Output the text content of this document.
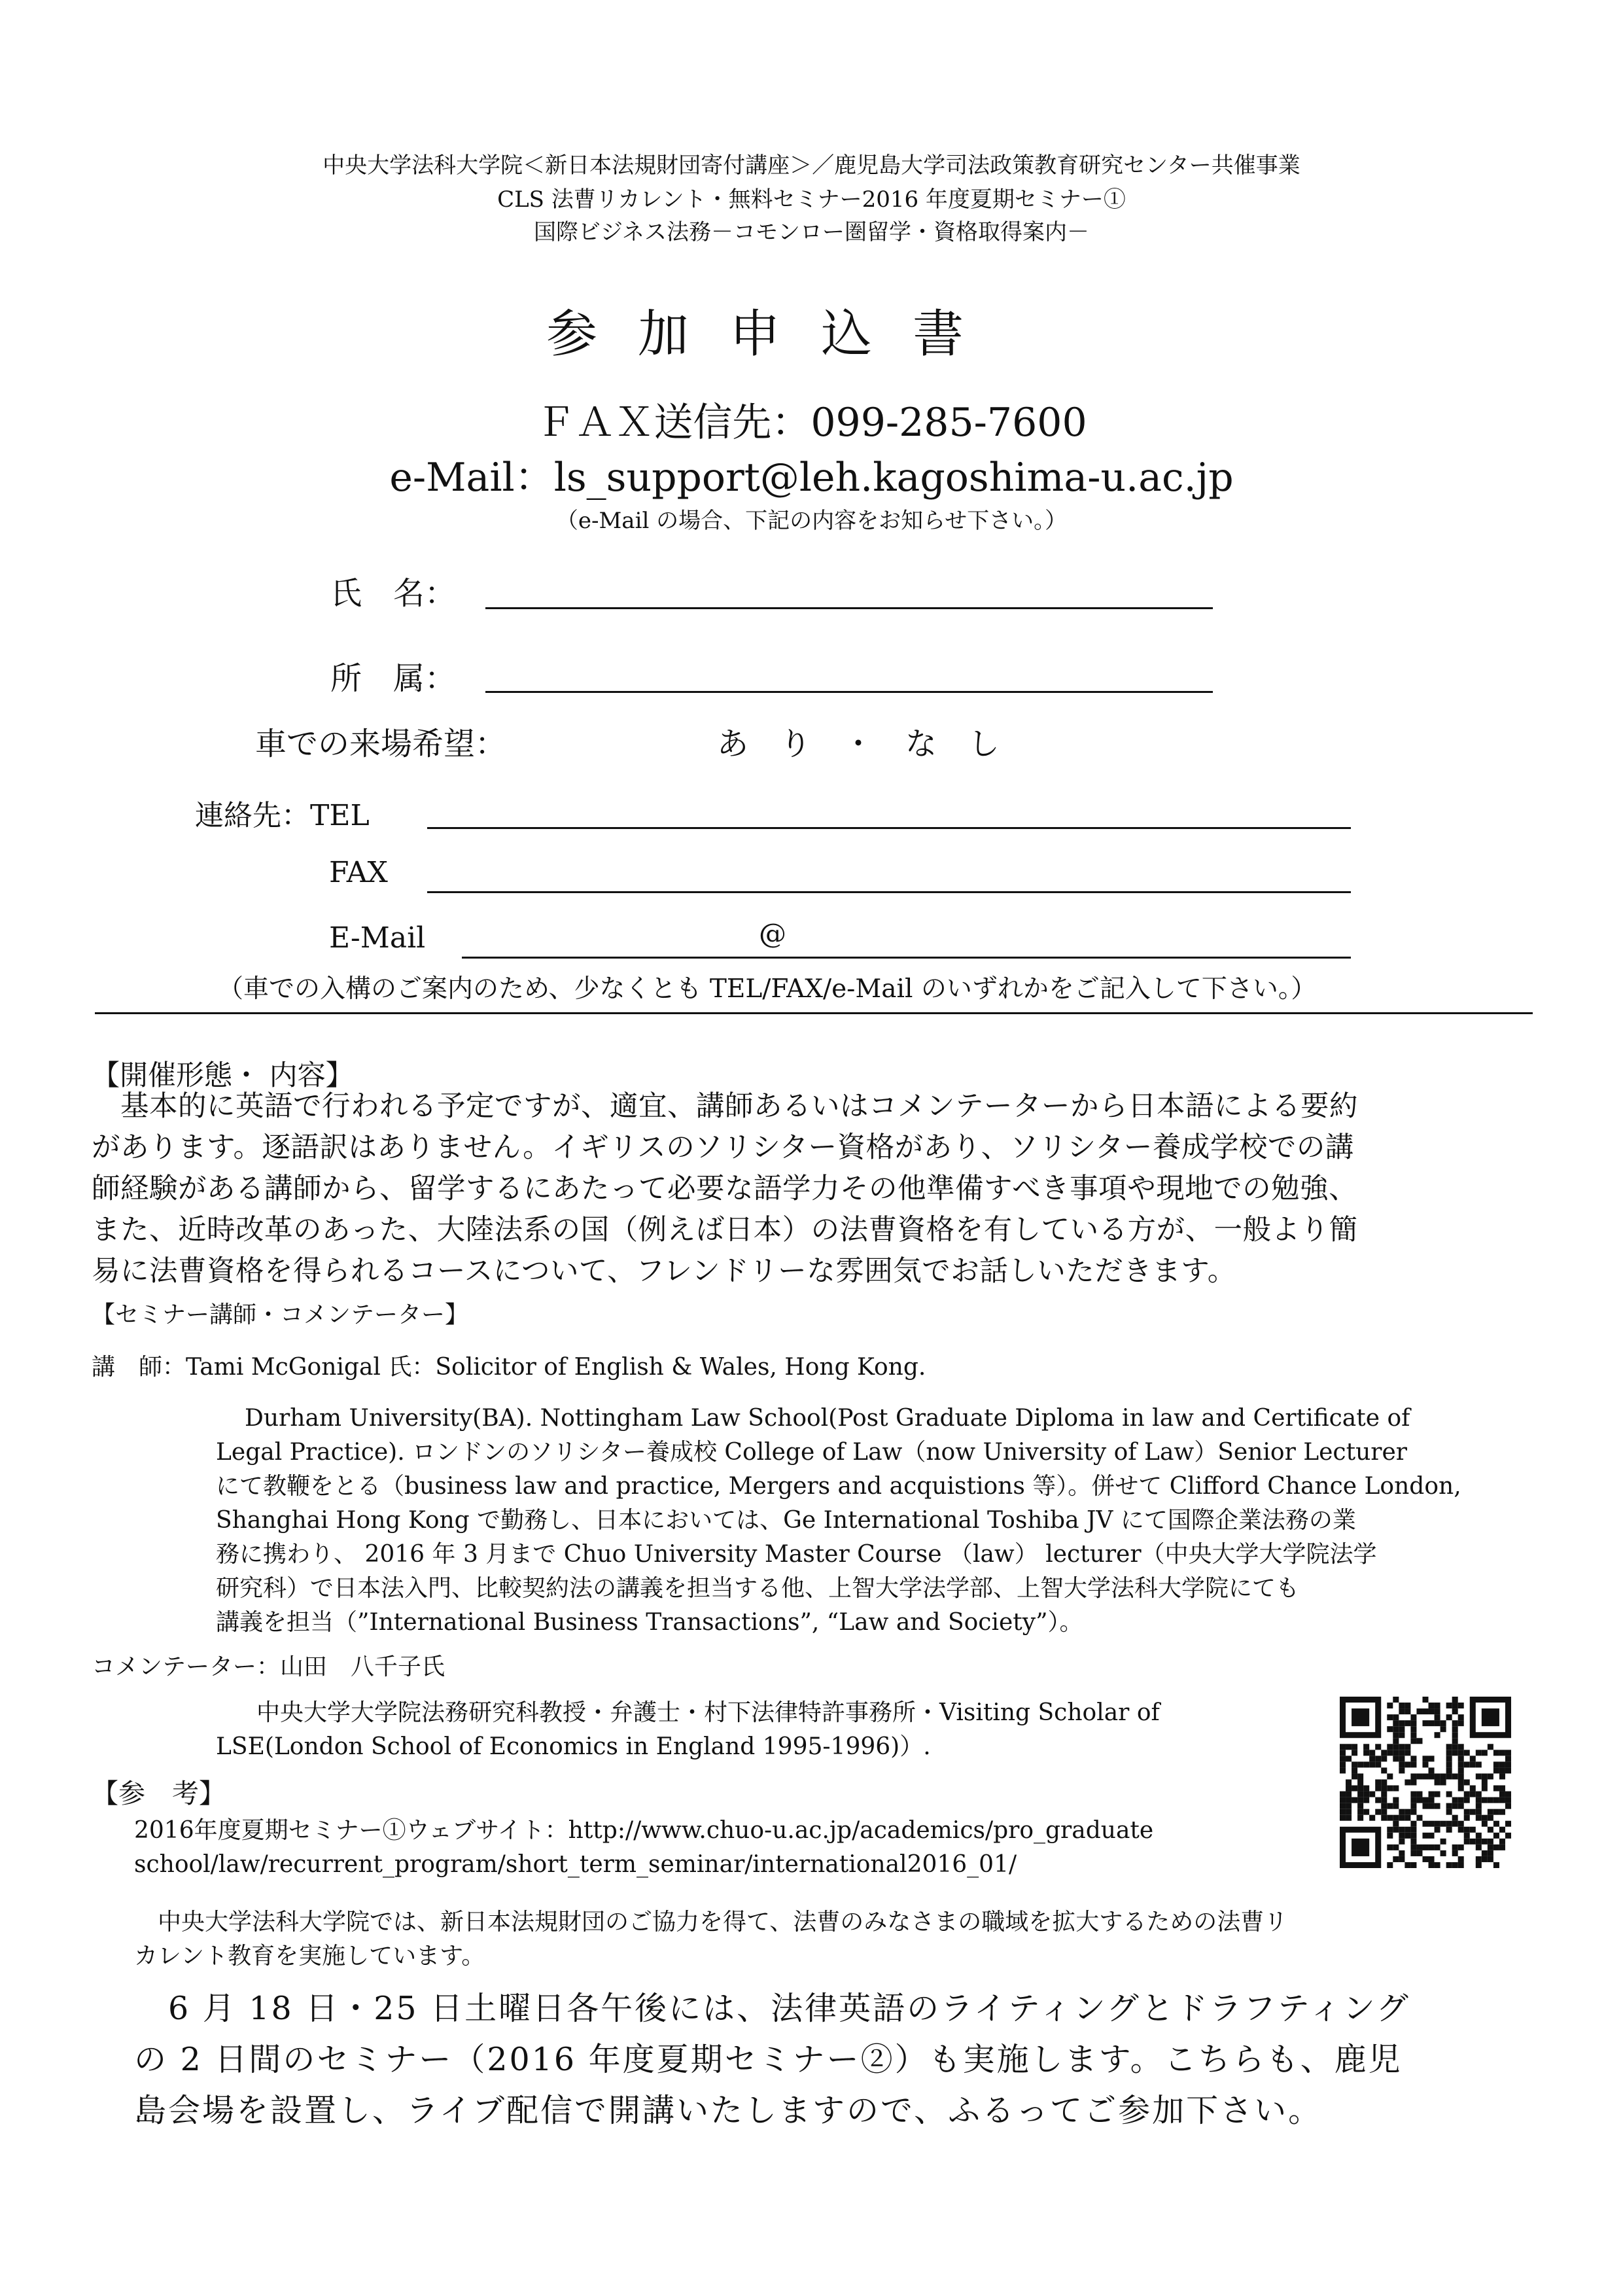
中央大学法科大学院＜新日本法規財団寄付講座＞／鹿児島大学司法政策教育研究センター共催事業
CLS 法曹リカレント・無料セミナー2016 年度夏期セミナー①
国際ビジネス法務－コモンロー圏留学・資格取得案内－
参加申込書
ＦＡＸ送信先：099-285-7600
e-Mail：ls_support@leh.kagoshima-u.ac.jp
（e-Mail の場合、下記の内容をお知らせ下さい。）
氏　名：
所　属：
車での来場希望：	あ　り　・　な　し
連絡先：TEL
FAX
E-Mail	@
（車での入構のご案内のため、少なくとも TEL/FAX/e-Mail のいずれかをご記入して下さい。）
【開催形態・ 内容】
　基本的に英語で行われる予定ですが、適宜、講師あるいはコメンテーターから日本語による要約
があります。逐語訳はありません。イギリスのソリシター資格があり、ソリシター養成学校での講
師経験がある講師から、留学するにあたって必要な語学力その他準備すべき事項や現地での勉強、
また、近時改革のあった、大陸法系の国（例えば日本）の法曹資格を有している方が、一般より簡
易に法曹資格を得られるコースについて、フレンドリーな雰囲気でお話しいただきます。
【セミナー講師・コメンテーター】
講　師：Tami McGonigal 氏：Solicitor of English & Wales, Hong Kong.
Durham University(BA). Nottingham Law School(Post Graduate Diploma in law and Certificate of
Legal Practice). ロンドンのソリシター養成校 College of Law（now University of Law）Senior Lecturer
にて教鞭をとる（business law and practice, Mergers and acquistions 等）。併せて Clifford Chance London,
Shanghai Hong Kong で勤務し、日本においては、Ge International Toshiba JV にて国際企業法務の業
務に携わり、 2016 年 3 月まで Chuo University Master Course （law） lecturer（中央大学大学院法学
研究科）で日本法入門、比較契約法の講義を担当する他、上智大学法学部、上智大学法科大学院にても
講義を担当（”International Business Transactions”, “Law and Society”）。
コメンテーター：山田　八千子氏
中央大学大学院法務研究科教授・弁護士・村下法律特許事務所・Visiting Scholar of
LSE(London School of Economics in England 1995-1996)）.
【参　考】
2016年度夏期セミナー①ウェブサイト：http://www.chuo-u.ac.jp/academics/pro_graduate
school/law/recurrent_program/short_term_seminar/international2016_01/
　中央大学法科大学院では、新日本法規財団のご協力を得て、法曹のみなさまの職域を拡大するための法曹リ
カレント教育を実施しています。
　6 月 18 日・25 日土曜日各午後には、法律英語のライティングとドラフティング
の 2 日間のセミナー（2016 年度夏期セミナー②）も実施します。こちらも、鹿児
島会場を設置し、ライブ配信で開講いたしますので、ふるってご参加下さい。
